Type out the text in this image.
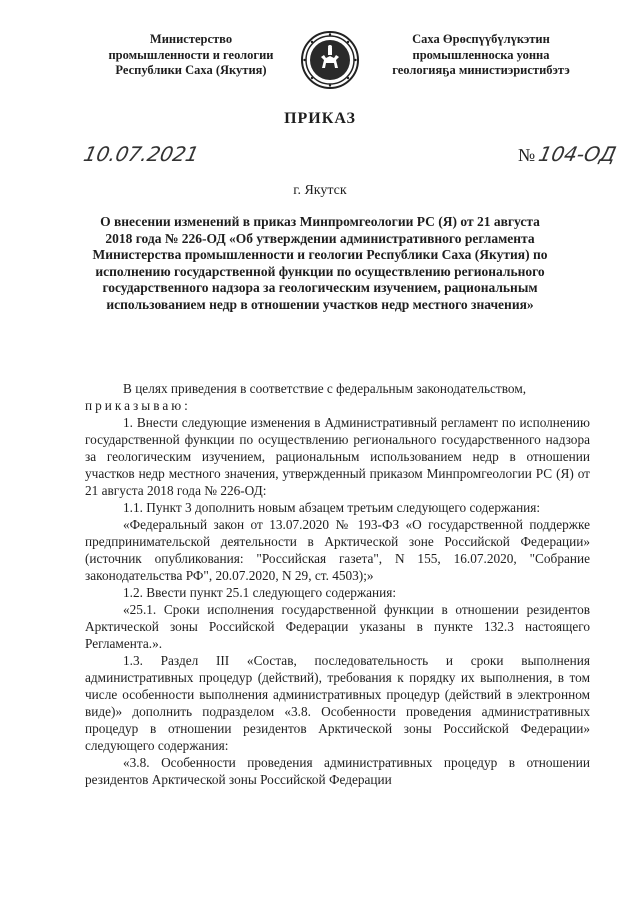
Министерство
промышленности и геологии
Республики Саха (Якутия)
Саха Өрөспүүбүлүкэтин
промышленноска уонна
геологияҕа министиэристибэтэ
ПРИКАЗ
10.07.2021	№ 104-ОД
г. Якутск
О внесении изменений в приказ Минпромгеологии РС (Я) от 21 августа 2018 года № 226-ОД «Об утверждении административного регламента Министерства промышленности и геологии Республики Саха (Якутия) по исполнению государственной функции по осуществлению регионального государственного надзора за геологическим изучением, рациональным использованием недр в отношении участков недр местного значения»

В целях приведения в соответствие с федеральным законодательством,

приказываю:

1. Внести следующие изменения в Административный регламент по исполнению государственной функции по осуществлению регионального государственного надзора за геологическим изучением, рациональным использованием недр в отношении участков недр местного значения, утвержденный приказом Минпромгеологии РС (Я) от 21 августа 2018 года № 226-ОД:

1.1. Пункт 3 дополнить новым абзацем третьим следующего содержания:

«Федеральный закон от 13.07.2020 № 193-ФЗ «О государственной поддержке предпринимательской деятельности в Арктической зоне Российской Федерации» (источник опубликования: "Российская газета", N 155, 16.07.2020, "Собрание законодательства РФ", 20.07.2020, N 29, ст. 4503);»

1.2. Ввести пункт 25.1 следующего содержания:

«25.1. Сроки исполнения государственной функции в отношении резидентов Арктической зоны Российской Федерации указаны в пункте 132.3 настоящего Регламента.».

1.3. Раздел III «Состав, последовательность и сроки выполнения административных процедур (действий), требования к порядку их выполнения, в том числе особенности выполнения административных процедур (действий в электронном виде)» дополнить подразделом «3.8. Особенности проведения административных процедур в отношении резидентов Арктической зоны Российской Федерации» следующего содержания:

«3.8. Особенности проведения административных процедур в отношении резидентов Арктической зоны Российской Федерации
